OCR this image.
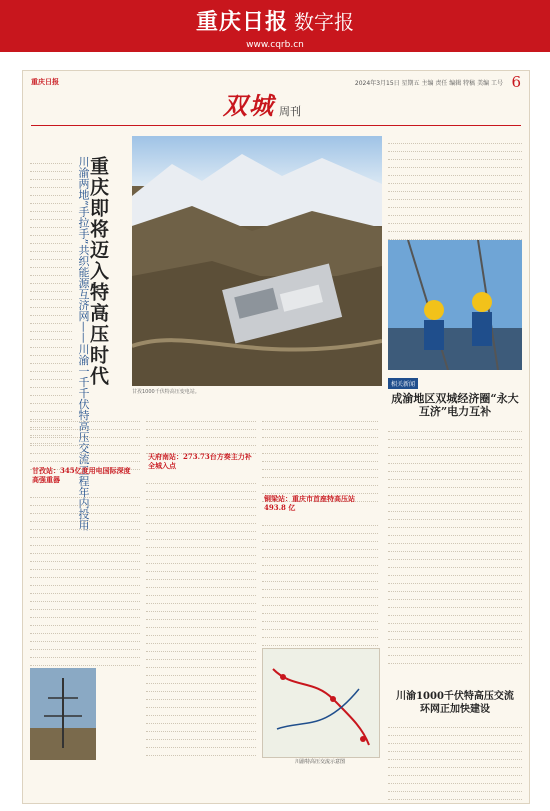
重庆日报 数字报
www.cqrb.cn
重庆日报	2024年3月15日 星期五 主编 责任 编辑 特稿 美编 工号 6
双城 周刊
川渝两地“手拉手”共织能源互济网——川渝一千千伏特高压交流工程年内投用
重庆即将迈入特高压时代
甘孜1000千伏特高压变电站。
相关新闻
成渝地区双城经济圈“永大互济”电力互补
川渝1000千伏特高压交流环网正加快建设
甘孜站：345亿度用电国际深度高强重器
天府南站：273.73台方奏主力补全城入点
铜梁站：重庆市首座特高压站 493.8 亿
川渝特高压交流示意图
